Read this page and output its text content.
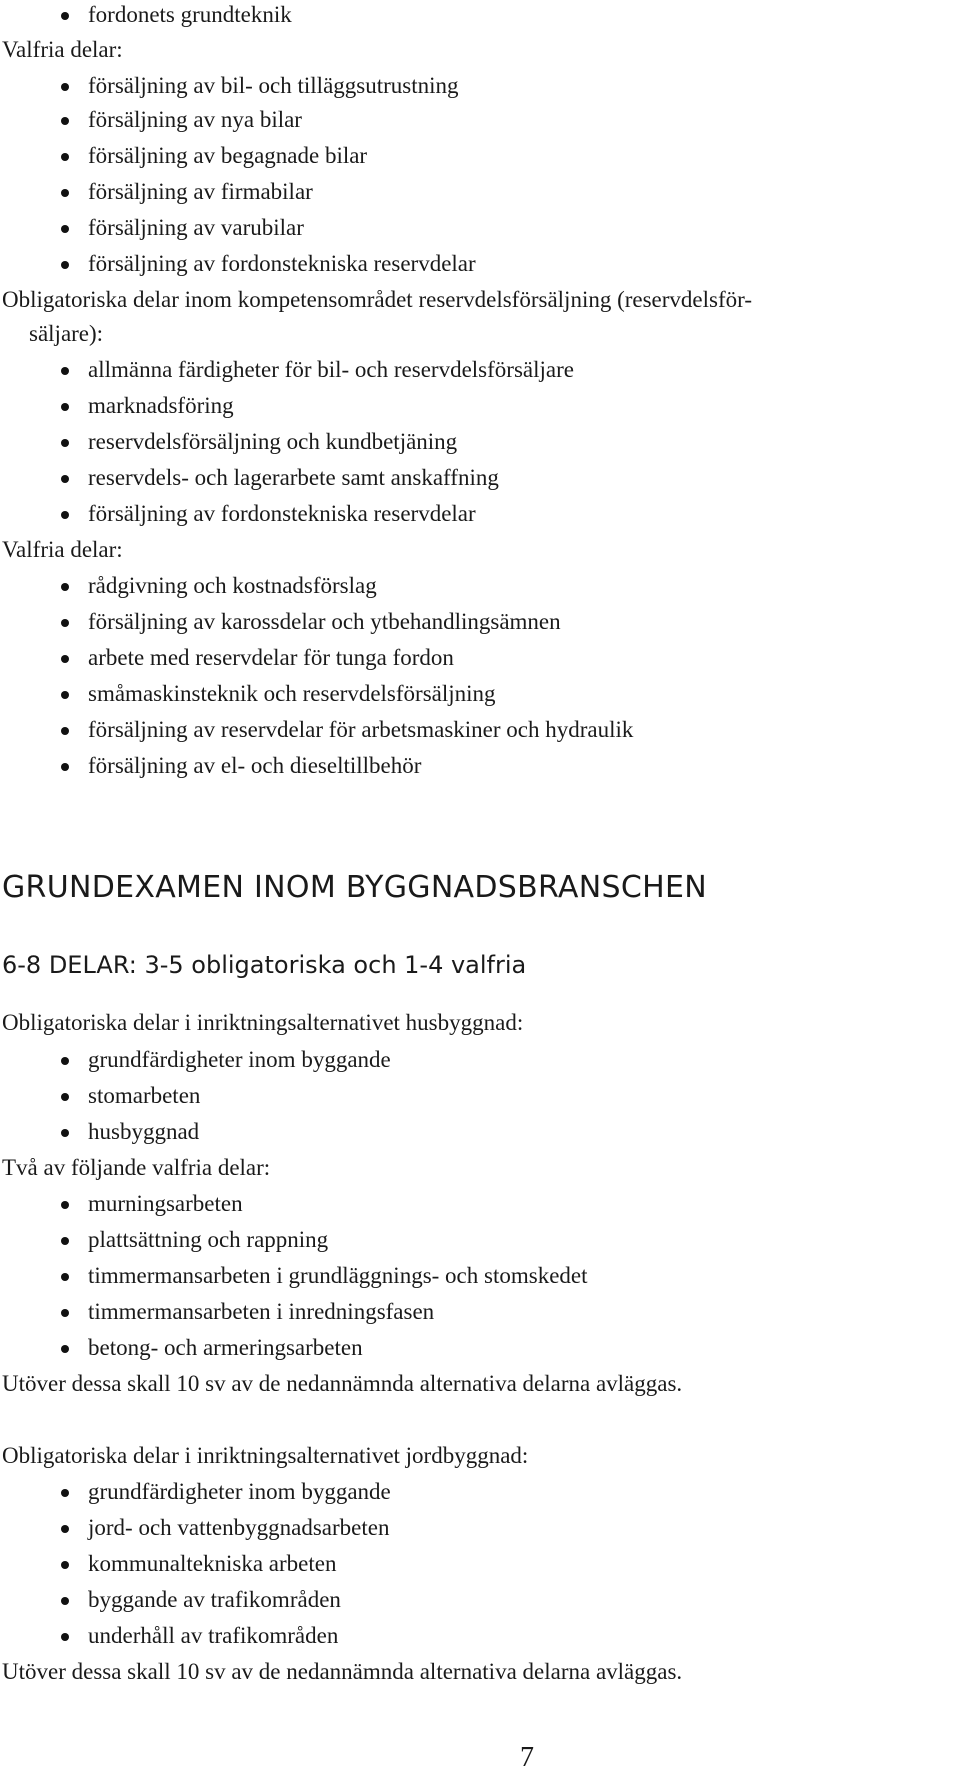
fordonets grundteknik
Valfria delar:
försäljning av bil- och tilläggsutrustning
försäljning av nya bilar
försäljning av begagnade bilar
försäljning av firmabilar
försäljning av varubilar
försäljning av fordonstekniska reservdelar
Obligatoriska delar inom kompetensområdet reservdelsförsäljning (reservdelsför-
säljare):
allmänna färdigheter för bil- och reservdelsförsäljare
marknadsföring
reservdelsförsäljning och kundbetjäning
reservdels- och lagerarbete samt anskaffning
försäljning av fordonstekniska reservdelar
Valfria delar:
rådgivning och kostnadsförslag
försäljning av karossdelar och ytbehandlingsämnen
arbete med reservdelar för tunga fordon
småmaskinsteknik och reservdelsförsäljning
försäljning av reservdelar för arbetsmaskiner och hydraulik
försäljning av el- och dieseltillbehör
GRUNDEXAMEN INOM BYGGNADSBRANSCHEN
6-8 DELAR: 3-5 obligatoriska och 1-4 valfria
Obligatoriska delar i inriktningsalternativet husbyggnad:
grundfärdigheter inom byggande
stomarbeten
husbyggnad
Två av följande valfria delar:
murningsarbeten
plattsättning och rappning
timmermansarbeten i grundläggnings- och stomskedet
timmermansarbeten i inredningsfasen
betong- och armeringsarbeten
Utöver dessa skall 10 sv av de nedannämnda alternativa delarna avläggas.
Obligatoriska delar i inriktningsalternativet jordbyggnad:
grundfärdigheter inom byggande
jord- och vattenbyggnadsarbeten
kommunaltekniska arbeten
byggande av trafikområden
underhåll av trafikområden
Utöver dessa skall 10 sv av de nedannämnda alternativa delarna avläggas.
7
